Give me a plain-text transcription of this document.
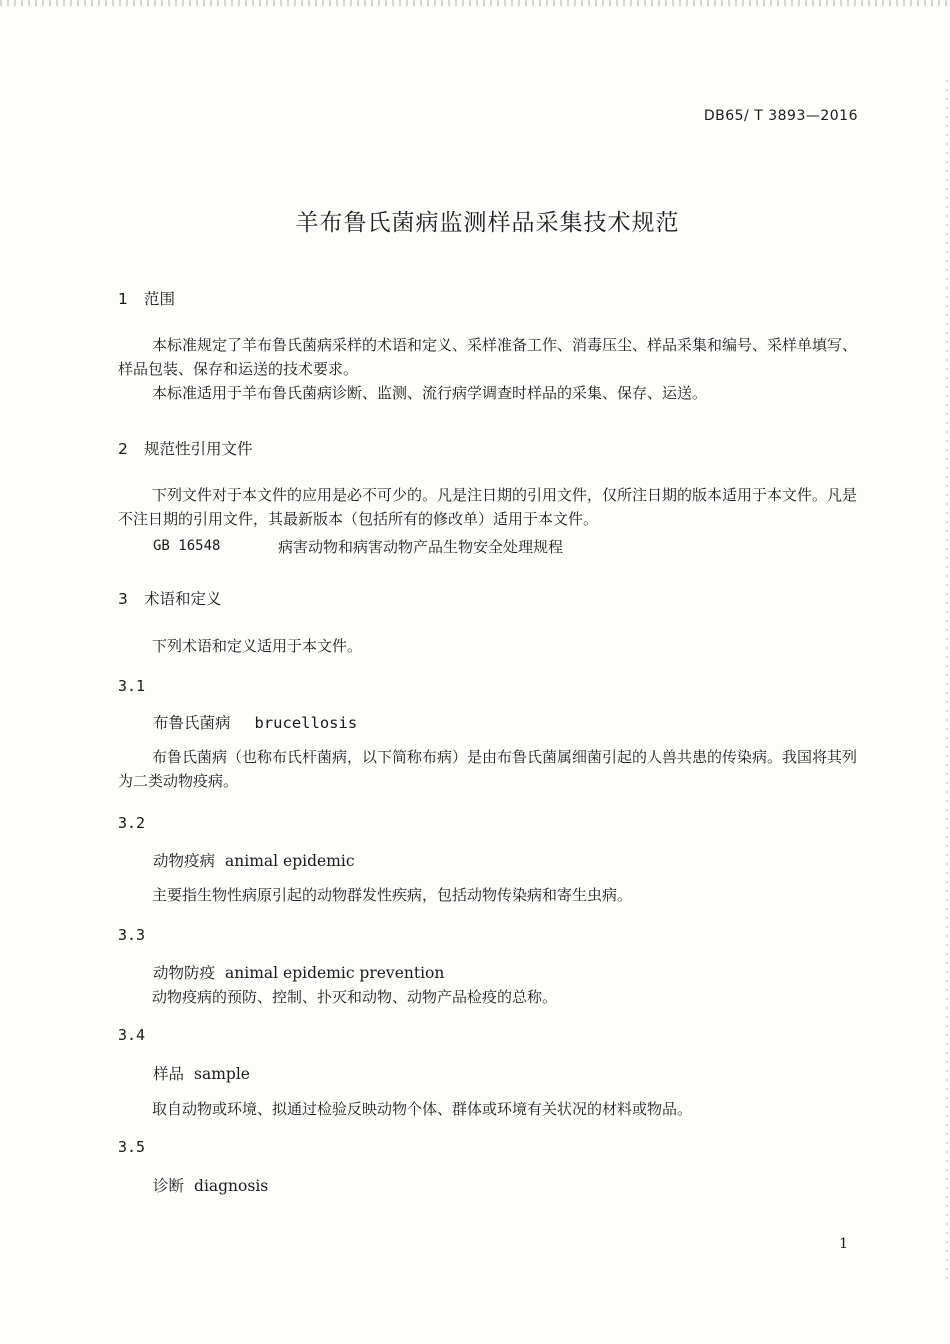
DB65/ T 3893—2016
羊布鲁氏菌病监测样品采集技术规范
1 范围
本标准规定了羊布鲁氏菌病采样的术语和定义、采样准备工作、消毒压尘、样品采集和编号、采样单填写、样品包装、保存和运送的技术要求。
本标准适用于羊布鲁氏菌病诊断、监测、流行病学调查时样品的采集、保存、运送。
2 规范性引用文件
下列文件对于本文件的应用是必不可少的。凡是注日期的引用文件，仅所注日期的版本适用于本文件。凡是不注日期的引用文件，其最新版本（包括所有的修改单）适用于本文件。
GB 16548	病害动物和病害动物产品生物安全处理规程
3 术语和定义
下列术语和定义适用于本文件。
3.1
布鲁氏菌病 brucellosis
布鲁氏菌病（也称布氏杆菌病，以下简称布病）是由布鲁氏菌属细菌引起的人兽共患的传染病。我国将其列为二类动物疫病。
3.2
动物疫病 animal epidemic
主要指生物性病原引起的动物群发性疾病，包括动物传染病和寄生虫病。
3.3
动物防疫 animal epidemic prevention
动物疫病的预防、控制、扑灭和动物、动物产品检疫的总称。
3.4
样品 sample
取自动物或环境、拟通过检验反映动物个体、群体或环境有关状况的材料或物品。
3.5
诊断 diagnosis
1
